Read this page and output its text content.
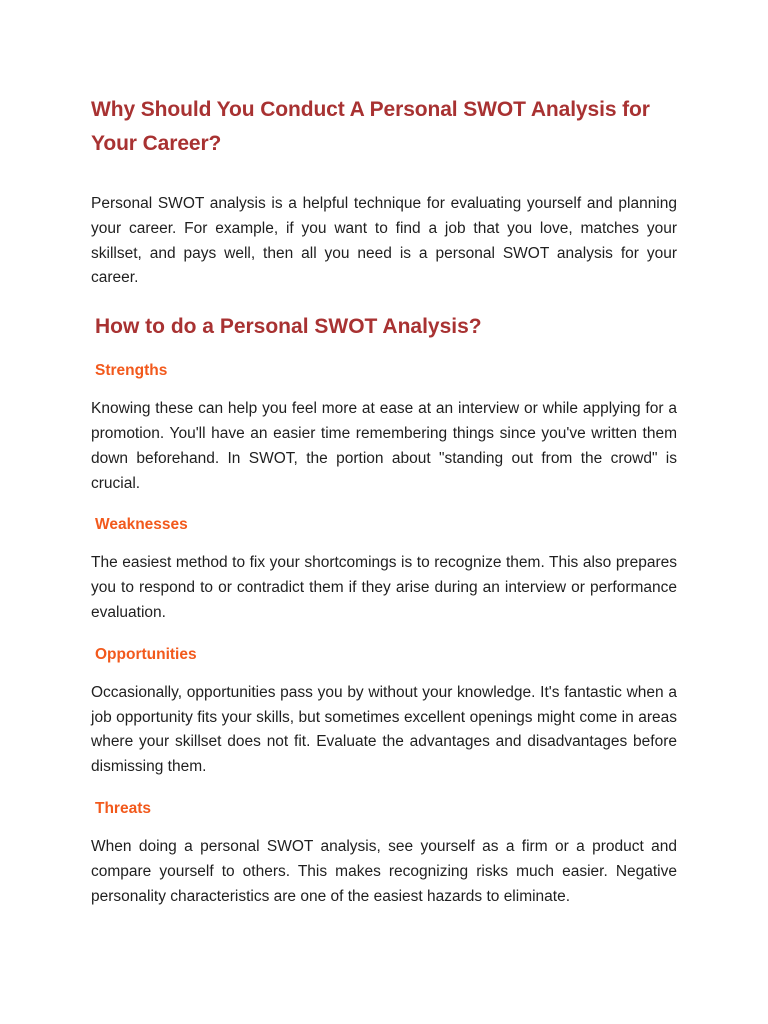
Why Should You Conduct A Personal SWOT Analysis for Your Career?

Personal SWOT analysis is a helpful technique for evaluating yourself and planning your career. For example, if you want to find a job that you love, matches your skillset, and pays well, then all you need is a personal SWOT analysis for your career.

How to do a Personal SWOT Analysis?
Strengths

Knowing these can help you feel more at ease at an interview or while applying for a promotion. You'll have an easier time remembering things since you've written them down beforehand. In SWOT, the portion about "standing out from the crowd" is crucial.

Weaknesses

The easiest method to fix your shortcomings is to recognize them. This also prepares you to respond to or contradict them if they arise during an interview or performance evaluation.

Opportunities

Occasionally, opportunities pass you by without your knowledge. It's fantastic when a job opportunity fits your skills, but sometimes excellent openings might come in areas where your skillset does not fit. Evaluate the advantages and disadvantages before dismissing them.

Threats

When doing a personal SWOT analysis, see yourself as a firm or a product and compare yourself to others. This makes recognizing risks much easier. Negative personality characteristics are one of the easiest hazards to eliminate.
